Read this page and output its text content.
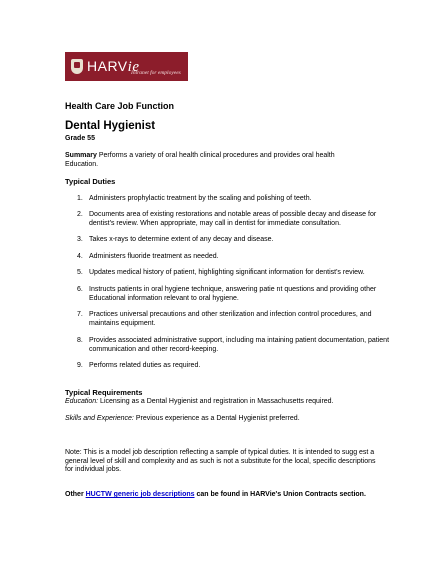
HARVie
Intranet for employees
Health Care Job Function
Dental Hygienist
Grade 55
Summary Performs a variety of oral health clinical procedures and provides oral health Education.
Typical Duties
1. Administers prophylactic treatment by the scaling and polishing of teeth.
2. Documents area of existing restorations and notable areas of possible decay and disease for dentist's review. When appropriate, may call in dentist for immediate consultation.
3. Takes x-rays to determine extent of any decay and disease.
4. Administers fluoride treatment as needed.
5. Updates medical history of patient, highlighting significant information for dentist's review.
6. Instructs patients in oral hygiene technique, answering patie nt questions and providing other Educational information relevant to oral hygiene.
7. Practices universal precautions and other sterilization and infection control procedures, and maintains equipment.
8. Provides associated administrative support, including ma intaining patient documentation, patient communication and other record-keeping.
9. Performs related duties as required.
Typical Requirements
Education: Licensing as a Dental Hygienist and registration in Massachusetts required.
Skills and Experience: Previous experience as a Dental Hygienist preferred.
Note: This is a model job description reflecting a sample of typical duties. It is intended to sugg est a general level of skill and complexity and as such is not a substitute for the local, specific descriptions for individual jobs.
Other HUCTW generic job descriptions can be found in HARVie's Union Contracts section.
